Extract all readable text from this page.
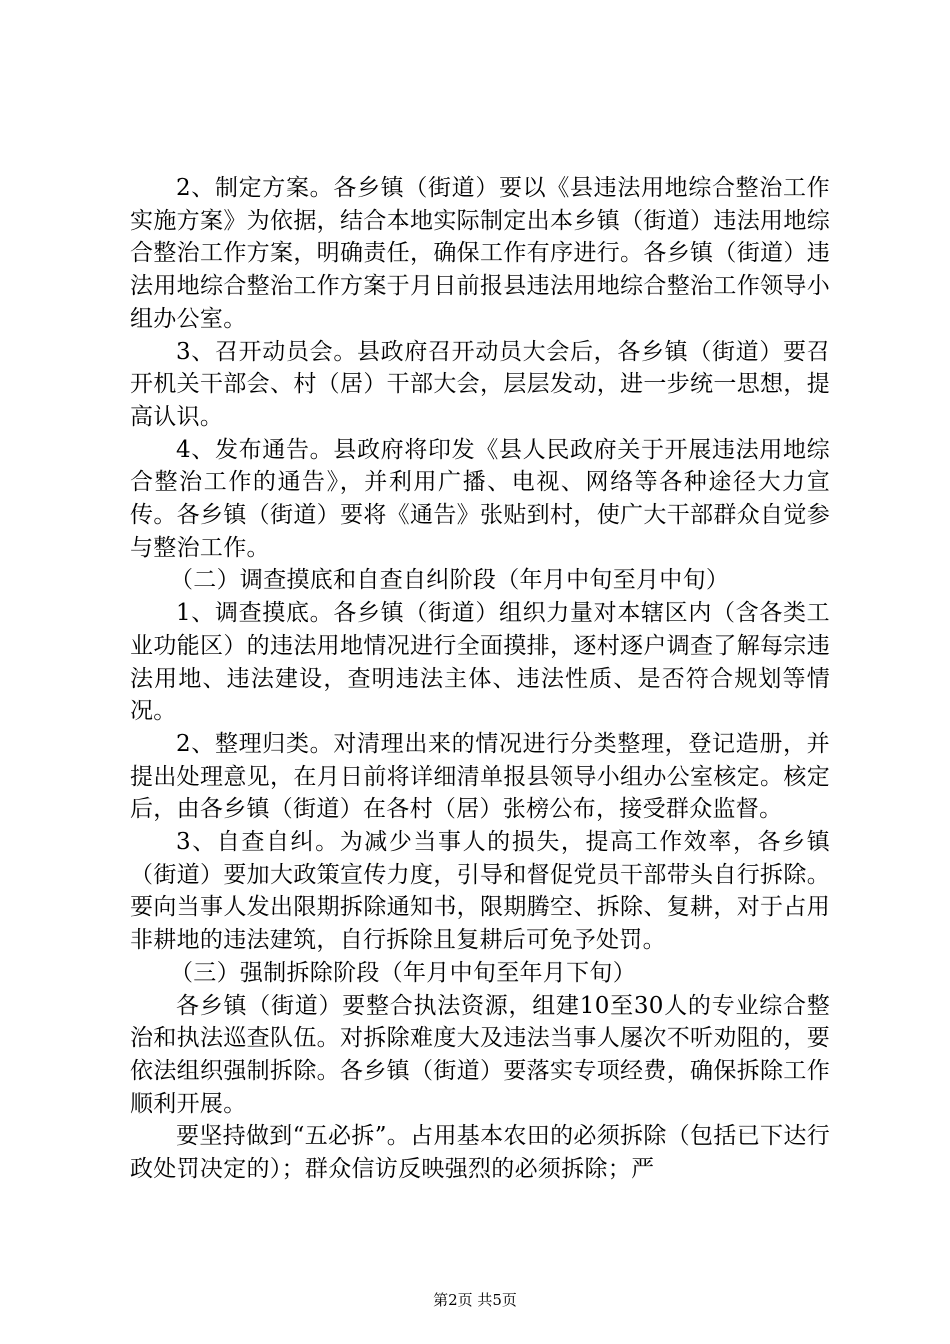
2、制定方案。各乡镇（街道）要以《县违法用地综合整治工作实施方案》为依据，结合本地实际制定出本乡镇（街道）违法用地综合整治工作方案，明确责任，确保工作有序进行。各乡镇（街道）违法用地综合整治工作方案于月日前报县违法用地综合整治工作领导小组办公室。

3、召开动员会。县政府召开动员大会后，各乡镇（街道）要召开机关干部会、村（居）干部大会，层层发动，进一步统一思想，提高认识。

4、发布通告。县政府将印发《县人民政府关于开展违法用地综合整治工作的通告》，并利用广播、电视、网络等各种途径大力宣传。各乡镇（街道）要将《通告》张贴到村，使广大干部群众自觉参与整治工作。

（二）调查摸底和自查自纠阶段（年月中旬至月中旬）

1、调查摸底。各乡镇（街道）组织力量对本辖区内（含各类工业功能区）的违法用地情况进行全面摸排，逐村逐户调查了解每宗违法用地、违法建设，查明违法主体、违法性质、是否符合规划等情况。

2、整理归类。对清理出来的情况进行分类整理，登记造册，并提出处理意见，在月日前将详细清单报县领导小组办公室核定。核定后，由各乡镇（街道）在各村（居）张榜公布，接受群众监督。

3、自查自纠。为减少当事人的损失，提高工作效率，各乡镇（街道）要加大政策宣传力度，引导和督促党员干部带头自行拆除。要向当事人发出限期拆除通知书，限期腾空、拆除、复耕，对于占用非耕地的违法建筑，自行拆除且复耕后可免予处罚。

（三）强制拆除阶段（年月中旬至年月下旬）

各乡镇（街道）要整合执法资源，组建10至30人的专业综合整治和执法巡查队伍。对拆除难度大及违法当事人屡次不听劝阻的，要依法组织强制拆除。各乡镇（街道）要落实专项经费，确保拆除工作顺利开展。

要坚持做到“五必拆”。占用基本农田的必须拆除（包括已下达行政处罚决定的）；群众信访反映强烈的必须拆除；严

第2页 共5页
